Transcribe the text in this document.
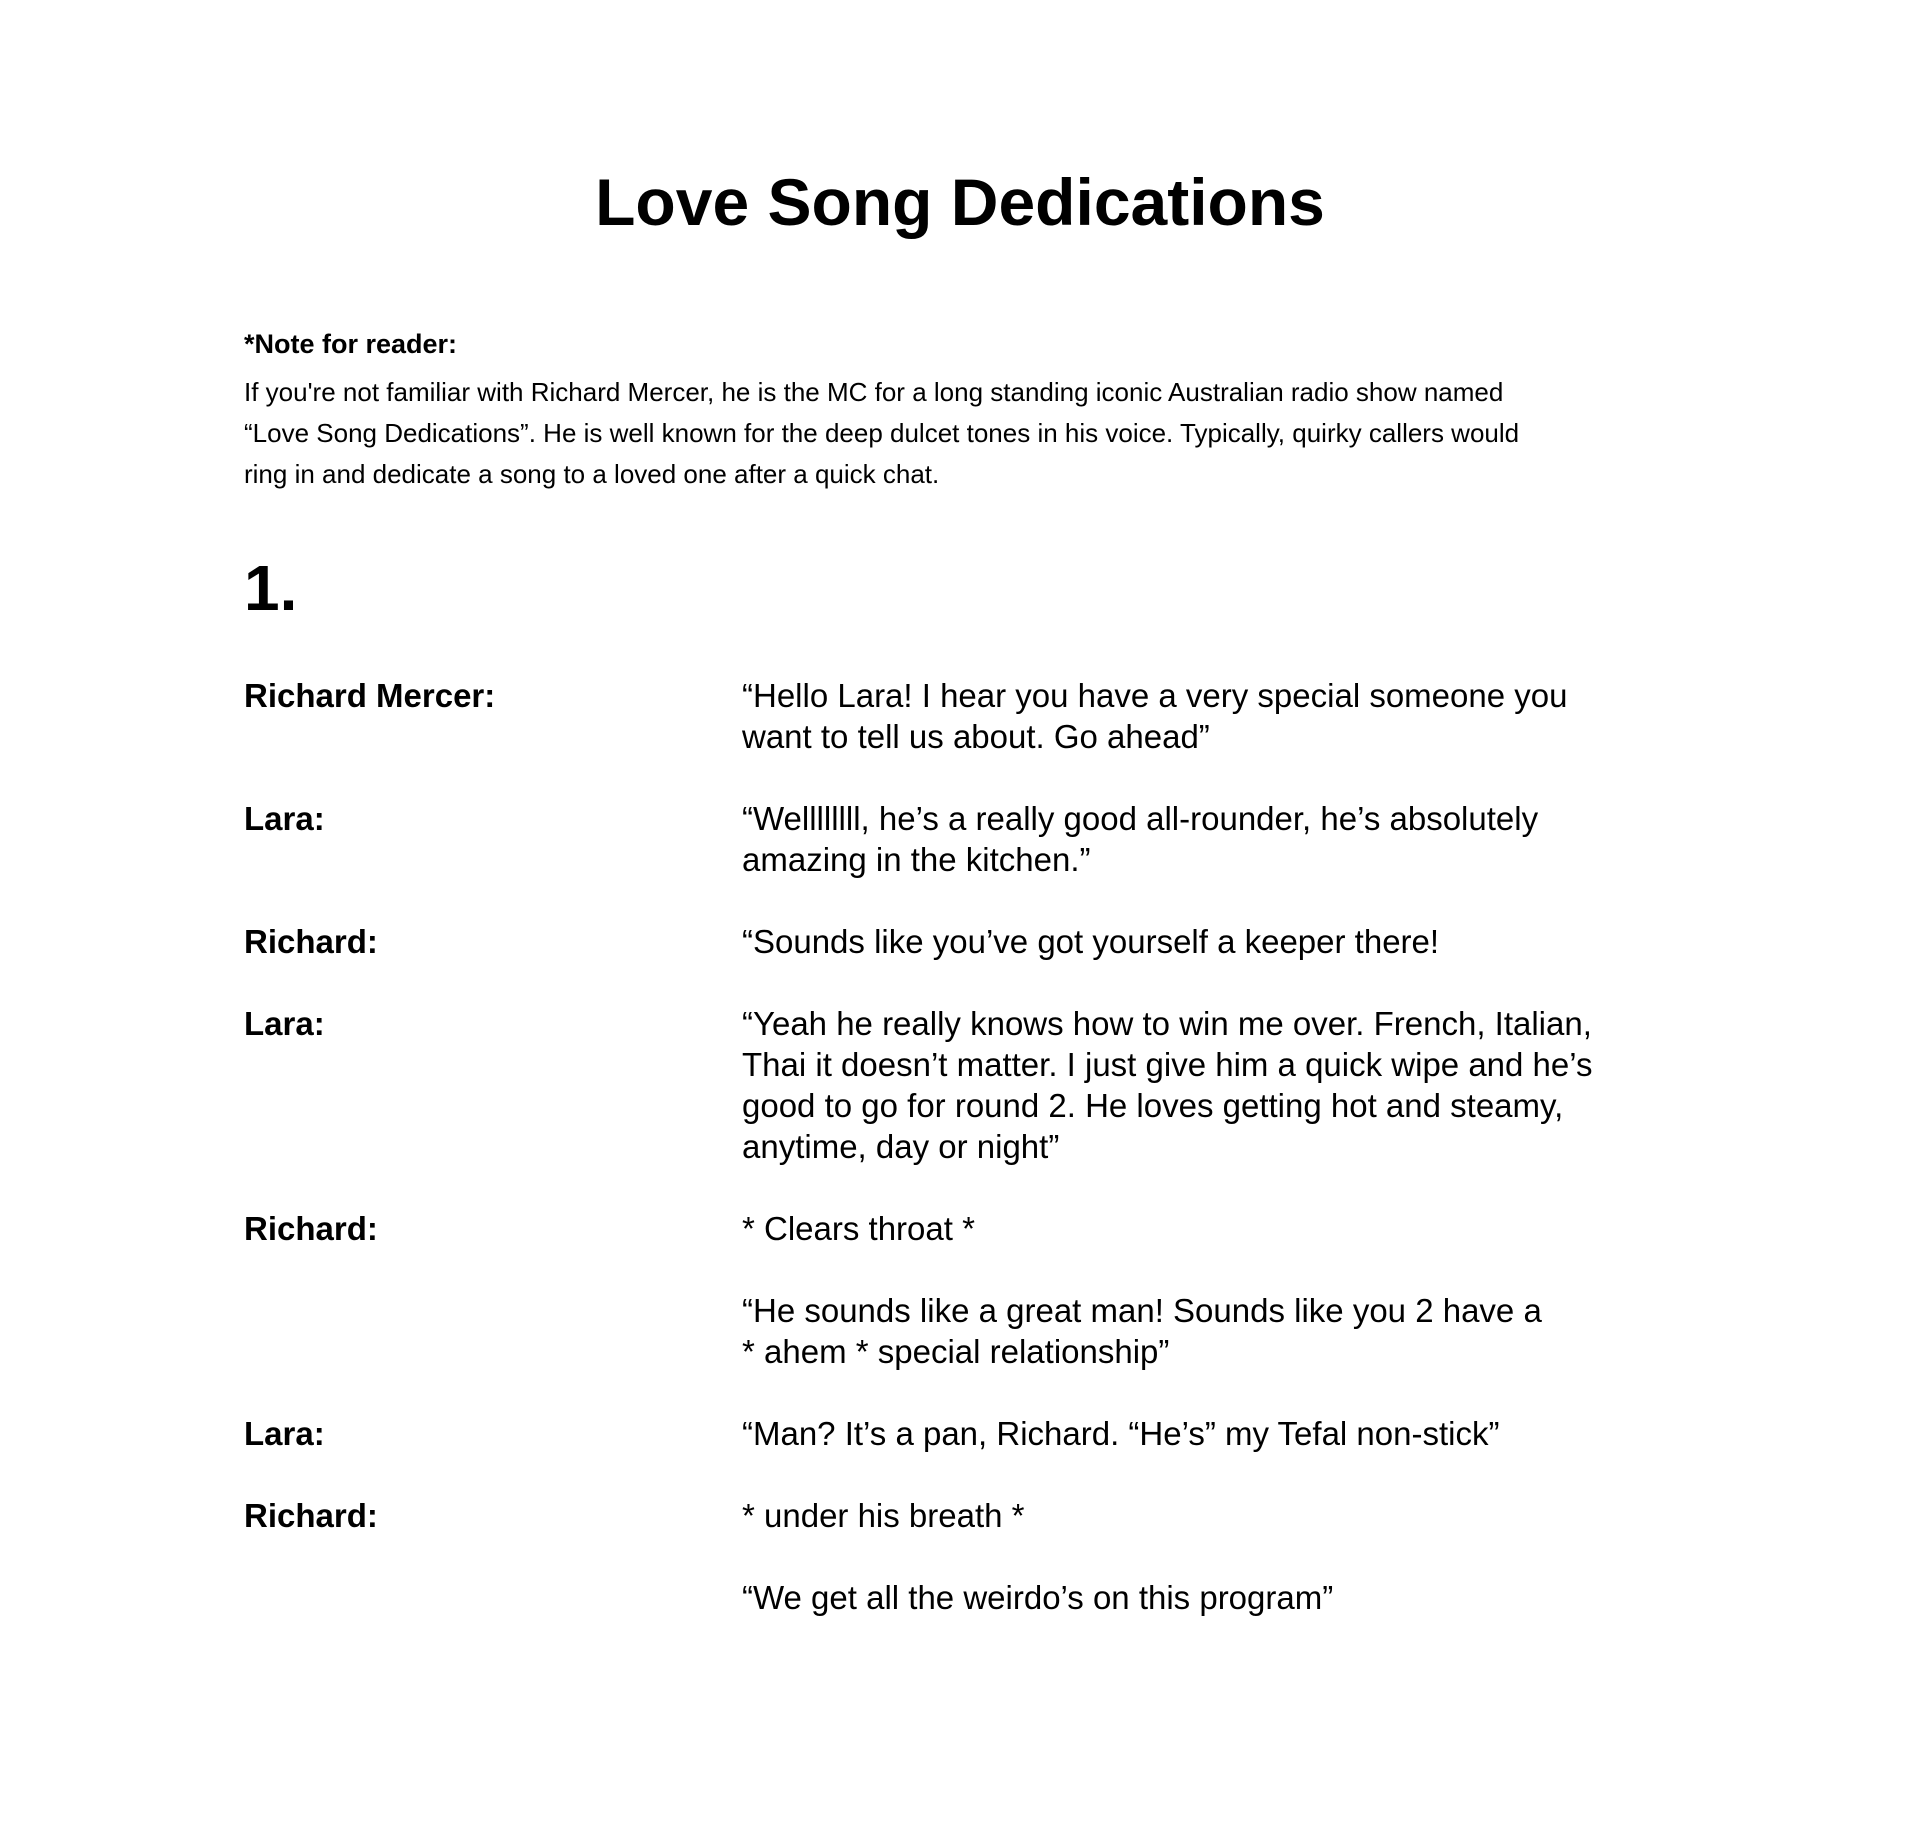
Love Song Dedications
*Note for reader:
If you're not familiar with Richard Mercer, he is the MC for a long standing iconic Australian radio show named
“Love Song Dedications”. He is well known for the deep dulcet tones in his voice. Typically, quirky callers would
ring in and dedicate a song to a loved one after a quick chat.
1.
Richard Mercer:	“Hello Lara! I hear you have a very special someone you
want to tell us about. Go ahead”
Lara:	“Wellllllll, he’s a really good all-rounder, he’s absolutely
amazing in the kitchen.”
Richard:	“Sounds like you’ve got yourself a keeper there!
Lara:	“Yeah he really knows how to win me over. French, Italian,
Thai it doesn’t matter. I just give him a quick wipe and he’s
good to go for round 2. He loves getting hot and steamy,
anytime, day or night”
Richard:	* Clears throat *
“He sounds like a great man! Sounds like you 2 have a
* ahem * special relationship”
Lara:	“Man? It’s a pan, Richard. “He’s” my Tefal non-stick”
Richard:	* under his breath *
“We get all the weirdo’s on this program”
